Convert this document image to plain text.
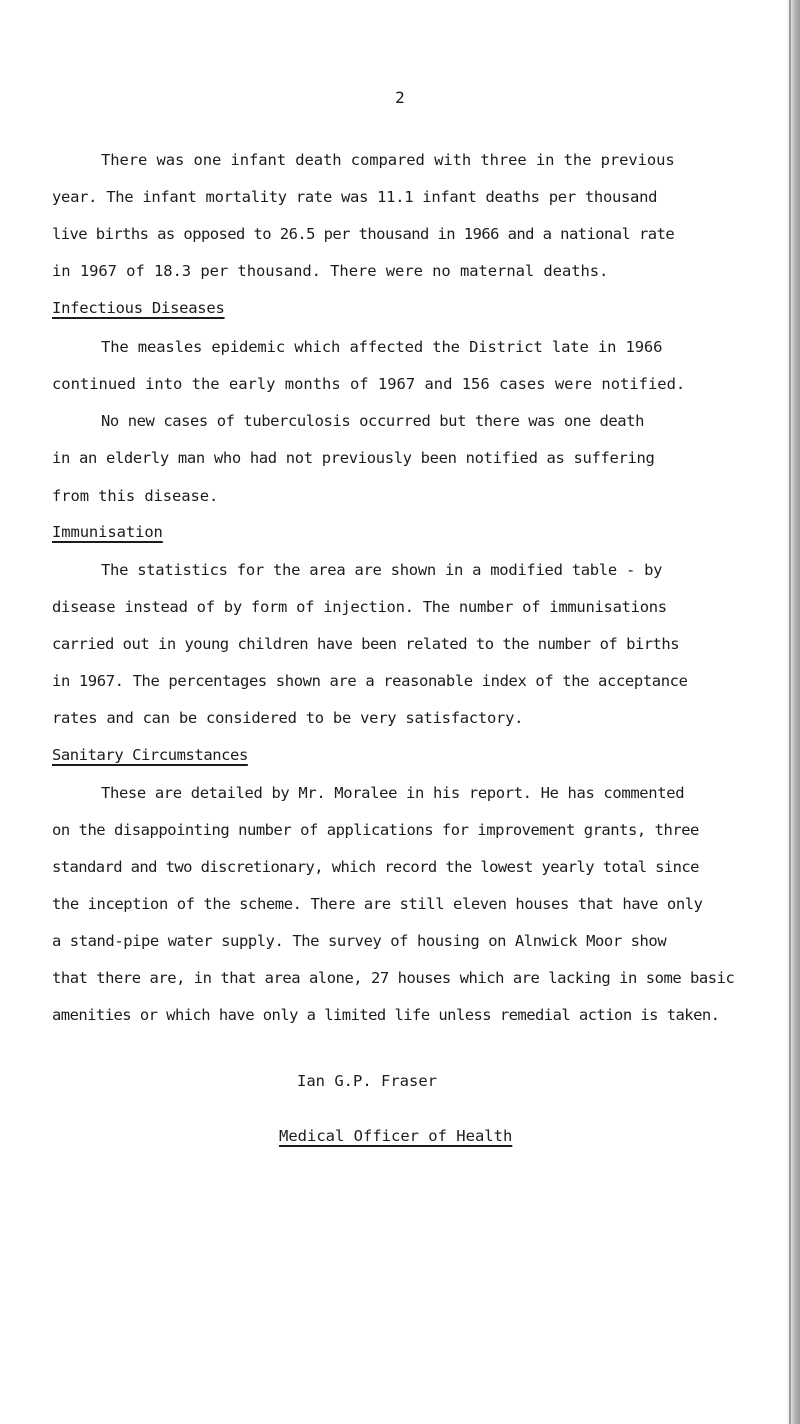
2
There was one infant death compared with three in the previous
year. The infant mortality rate was 11.1 infant deaths per thousand
live births as opposed to 26.5 per thousand in 1966 and a national rate
in 1967 of 18.3 per thousand. There were no maternal deaths.
Infectious Diseases
The measles epidemic which affected the District late in 1966
continued into the early months of 1967 and 156 cases were notified.
No new cases of tuberculosis occurred but there was one death
in an elderly man who had not previously been notified as suffering
from this disease.
Immunisation
The statistics for the area are shown in a modified table - by
disease instead of by form of injection. The number of immunisations
carried out in young children have been related to the number of births
in 1967. The percentages shown are a reasonable index of the acceptance
rates and can be considered to be very satisfactory.
Sanitary Circumstances
These are detailed by Mr. Moralee in his report. He has commented
on the disappointing number of applications for improvement grants, three
standard and two discretionary, which record the lowest yearly total since
the inception of the scheme. There are still eleven houses that have only
a stand-pipe water supply. The survey of housing on Alnwick Moor show
that there are, in that area alone, 27 houses which are lacking in some basic
amenities or which have only a limited life unless remedial action is taken.
Ian G.P. Fraser
Medical Officer of Health
